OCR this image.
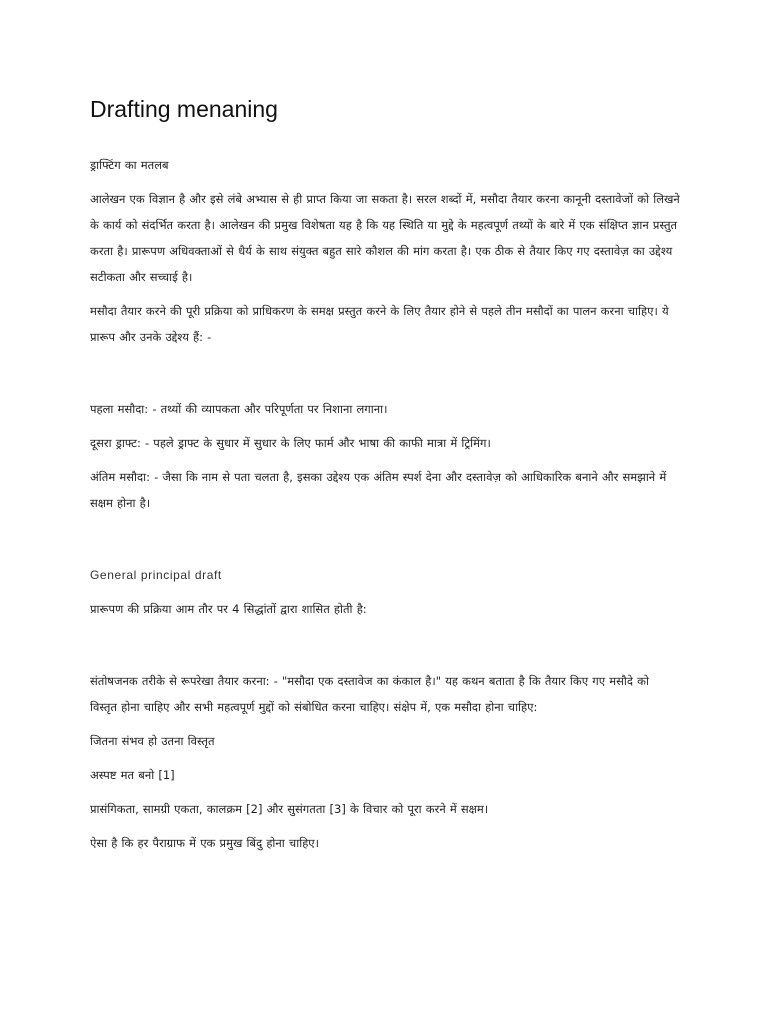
Drafting menaning

ड्राफ्टिंग का मतलब

आलेखन एक विज्ञान है और इसे लंबे अभ्यास से ही प्राप्त किया जा सकता है। सरल शब्दों में, मसौदा तैयार करना कानूनी दस्तावेजों को लिखने के कार्य को संदर्भित करता है। आलेखन की प्रमुख विशेषता यह है कि यह स्थिति या मुद्दे के महत्वपूर्ण तथ्यों के बारे में एक संक्षिप्त ज्ञान प्रस्तुत करता है। प्रारूपण अधिवक्ताओं से धैर्य के साथ संयुक्त बहुत सारे कौशल की मांग करता है। एक ठीक से तैयार किए गए दस्तावेज़ का उद्देश्य सटीकता और सच्चाई है।

मसौदा तैयार करने की पूरी प्रक्रिया को प्राधिकरण के समक्ष प्रस्तुत करने के लिए तैयार होने से पहले तीन मसौदों का पालन करना चाहिए। ये प्रारूप और उनके उद्देश्य हैं: -

पहला मसौदा: - तथ्यों की व्यापकता और परिपूर्णता पर निशाना लगाना।

दूसरा ड्राफ्ट: - पहले ड्राफ्ट के सुधार में सुधार के लिए फार्म और भाषा की काफी मात्रा में ट्रिमिंग।

अंतिम मसौदा: - जैसा कि नाम से पता चलता है, इसका उद्देश्य एक अंतिम स्पर्श देना और दस्तावेज़ को आधिकारिक बनाने और समझाने में सक्षम होना है।

General principal draft

प्रारूपण की प्रक्रिया आम तौर पर 4 सिद्धांतों द्वारा शासित होती है:

संतोषजनक तरीके से रूपरेखा तैयार करना: - "मसौदा एक दस्तावेज का कंकाल है।" यह कथन बताता है कि तैयार किए गए मसौदे को विस्तृत होना चाहिए और सभी महत्वपूर्ण मुद्दों को संबोधित करना चाहिए। संक्षेप में, एक मसौदा होना चाहिए:

जितना संभव हो उतना विस्तृत

अस्पष्ट मत बनो [1]

प्रासंगिकता, सामग्री एकता, कालक्रम [2] और सुसंगतता [3] के विचार को पूरा करने में सक्षम।

ऐसा है कि हर पैराग्राफ में एक प्रमुख बिंदु होना चाहिए।
